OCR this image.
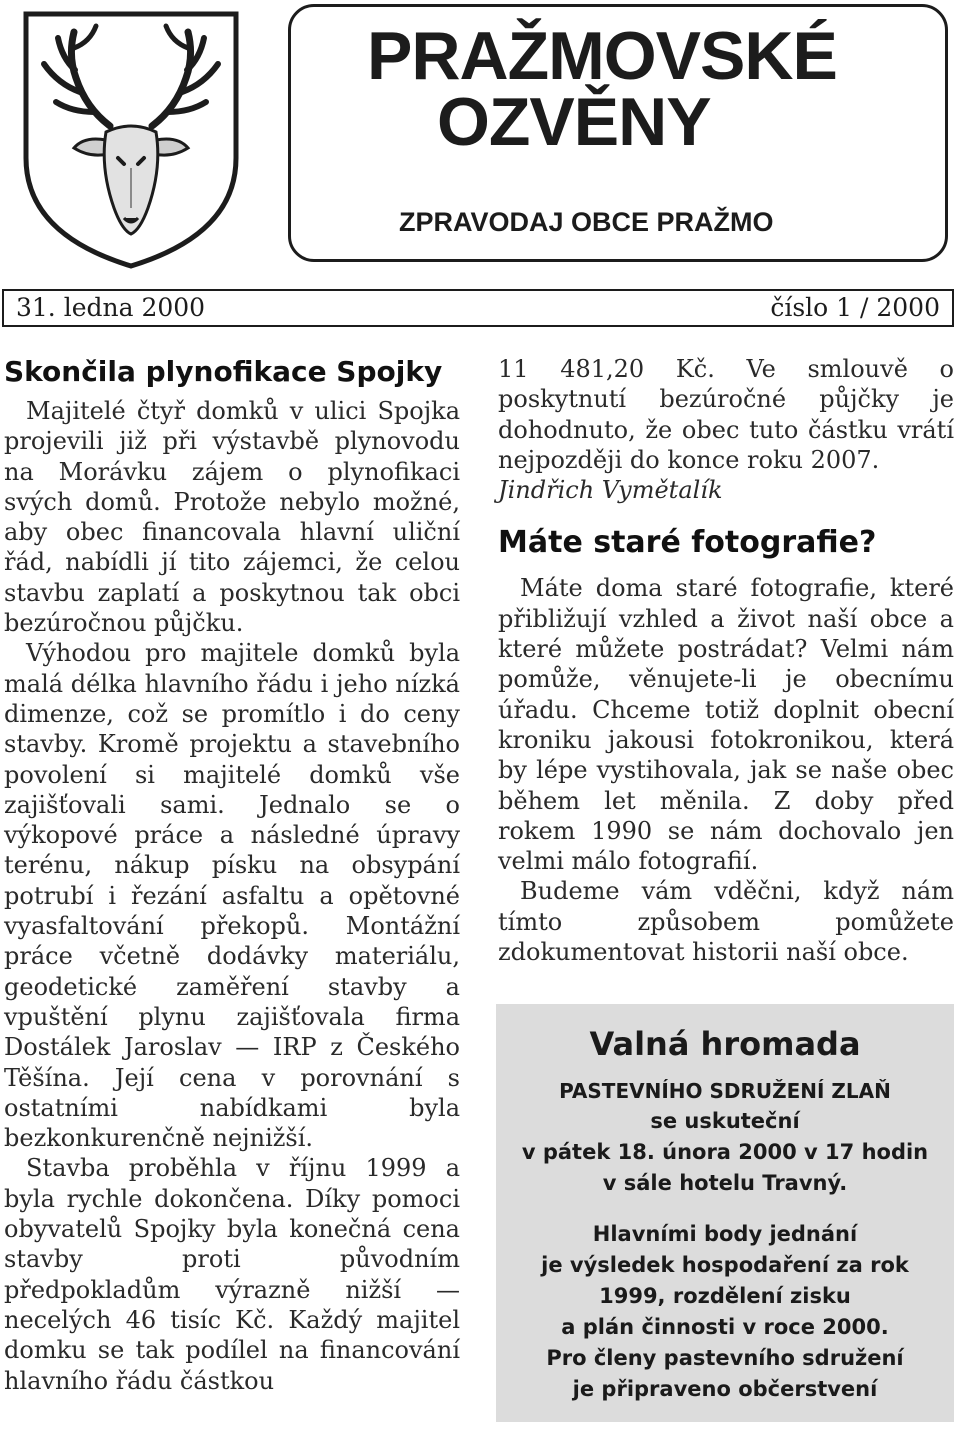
PRAŽMOVSKÉ
OZVĚNY
ZPRAVODAJ OBCE PRAŽMO
31. ledna 2000	číslo 1 / 2000
Skončila plynofikace Spojky

Majitelé čtyř domků v ulici Spojka projevili již při výstavbě plynovodu na Morávku zájem o plynofikaci svých domů. Protože nebylo možné, aby obec financovala hlavní uliční řád, nabídli jí tito zájemci, že celou stavbu zaplatí a poskytnou tak obci bezúročnou půjčku.

Výhodou pro majitele domků byla malá délka hlavního řádu i jeho nízká dimenze, což se promítlo i do ceny stavby. Kromě projektu a stavebního povolení si majitelé domků vše zajišťovali sami. Jednalo se o výkopové práce a následné úpravy terénu, nákup písku na obsypání potrubí i řezání asfaltu a opětovné vyasfaltování překopů. Montážní práce včetně dodávky materiálu, geodetické zaměření stavby a vpuštění plynu zajišťovala firma Dostálek Jaroslav — IRP z Českého Těšína. Její cena v porovnání s ostatními nabídkami byla bezkonkurenčně nejnižší.

Stavba proběhla v říjnu 1999 a byla rychle dokončena. Díky pomoci obyvatelů Spojky byla konečná cena stavby proti původním předpokladům výrazně nižší — necelých 46 tisíc Kč. Každý majitel domku se tak podílel na financování hlavního řádu částkou

11 481,20 Kč. Ve smlouvě o poskytnutí bezúročné půjčky je dohodnuto, že obec tuto částku vrátí nejpozději do konce roku 2007.

Jindřich Vymětalík

Máte staré fotografie?

Máte doma staré fotografie, které přibližují vzhled a život naší obce a které můžete postrádat? Velmi nám pomůže, věnujete-li je obecnímu úřadu. Chceme totiž doplnit obecní kroniku jakousi fotokronikou, která by lépe vystihovala, jak se naše obec během let měnila. Z doby před rokem 1990 se nám dochovalo jen velmi málo fotografií.

Budeme vám vděčni, když nám tímto způsobem pomůžete zdokumentovat historii naší obce.

Valná hromada
PASTEVNÍHO SDRUŽENÍ ZLAŇ
se uskuteční
v pátek 18. února 2000 v 17 hodin
v sále hotelu Travný.
Hlavními body jednání
je výsledek hospodaření za rok
1999, rozdělení zisku
a plán činnosti v roce 2000.
Pro členy pastevního sdružení
je připraveno občerstvení
